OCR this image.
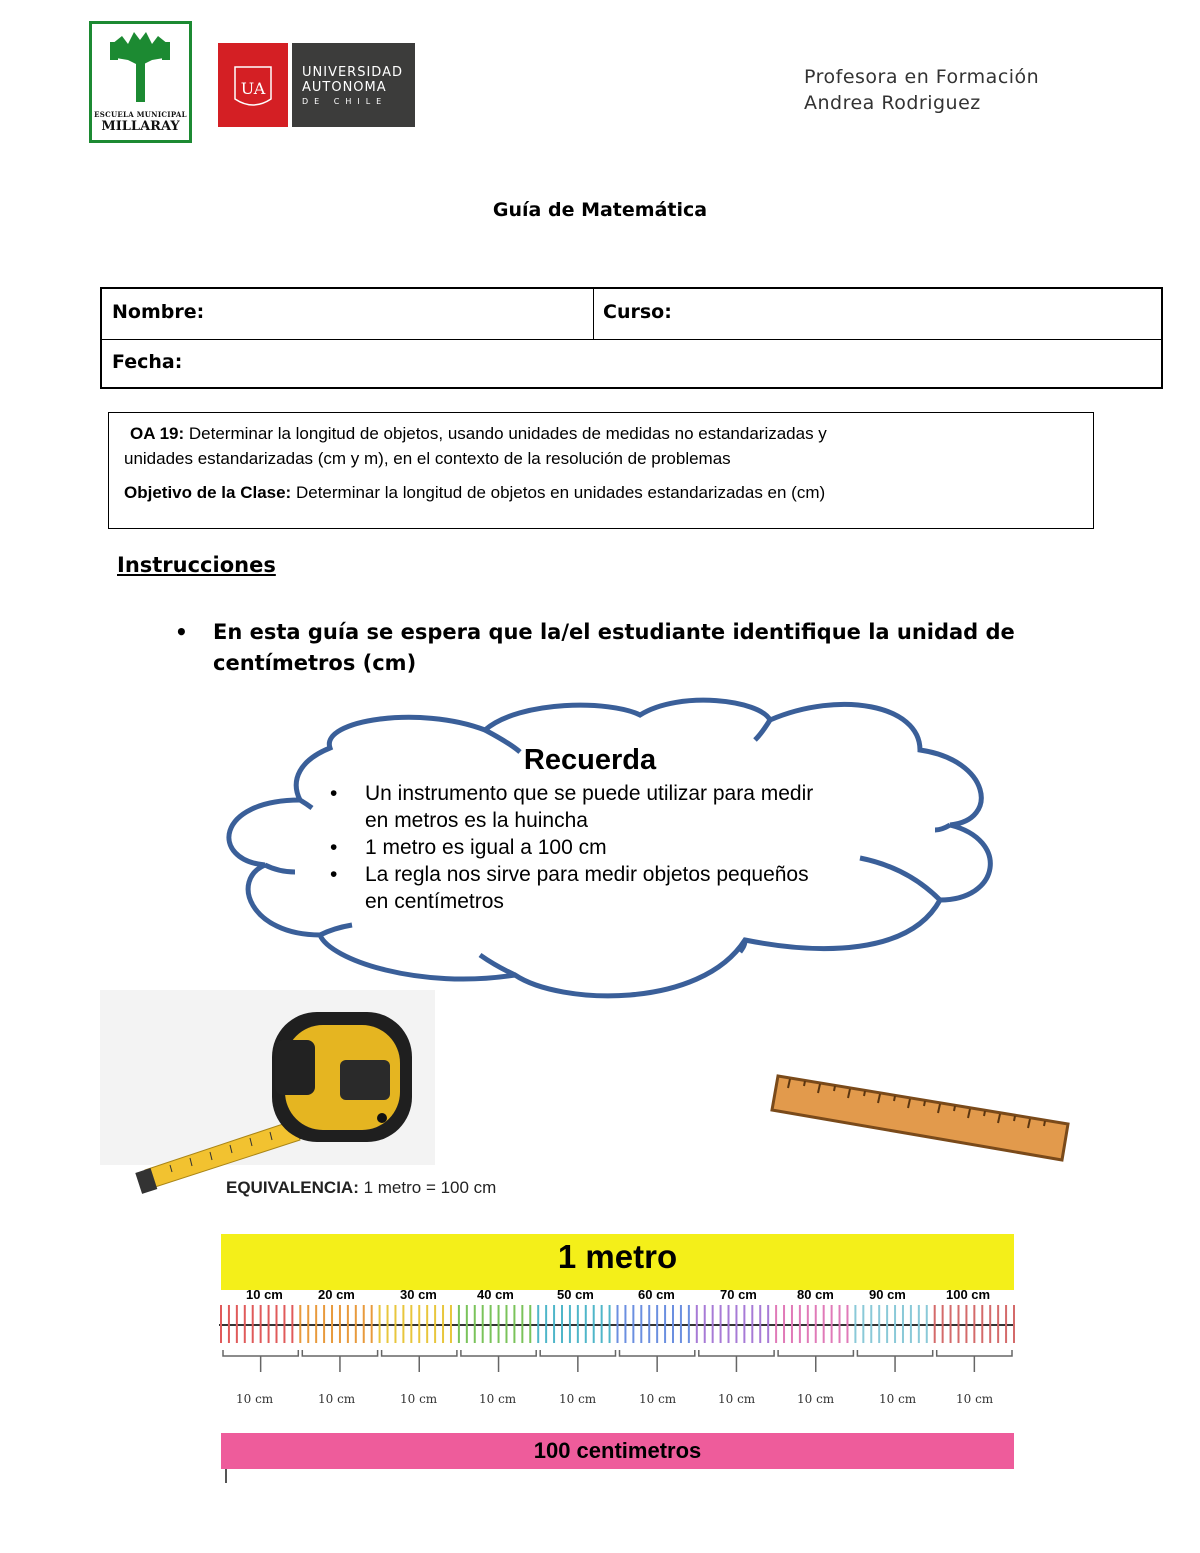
ESCUELA MUNICIPAL
MILLARAY
UA
UNIVERSIDAD
AUTONOMA
DE CHILE
Profesora en Formación
Andrea Rodriguez
Guía de Matemática
Nombre:	Curso:
Fecha:
OA 19: Determinar la longitud de objetos, usando unidades de medidas no estandarizadas y
unidades estandarizadas (cm y m), en el contexto de la resolución de problemas
Objetivo de la Clase: Determinar la longitud de objetos en unidades estandarizadas en (cm)
Instrucciones
• En esta guía se espera que la/el estudiante identifique la unidad de
centímetros (cm)
Recuerda
• Un instrumento que se puede utilizar para medir
en metros es la huincha
• 1 metro es igual a 100 cm
• La regla nos sirve para medir objetos pequeños
en centímetros
EQUIVALENCIA: 1 metro = 100 cm
1 metro
10 cm	20 cm	30 cm	40 cm	50 cm	60 cm	70 cm	80 cm	90 cm	100 cm
10 cm	10 cm	10 cm	10 cm	10 cm	10 cm	10 cm	10 cm	10 cm	10 cm
100 centimetros
